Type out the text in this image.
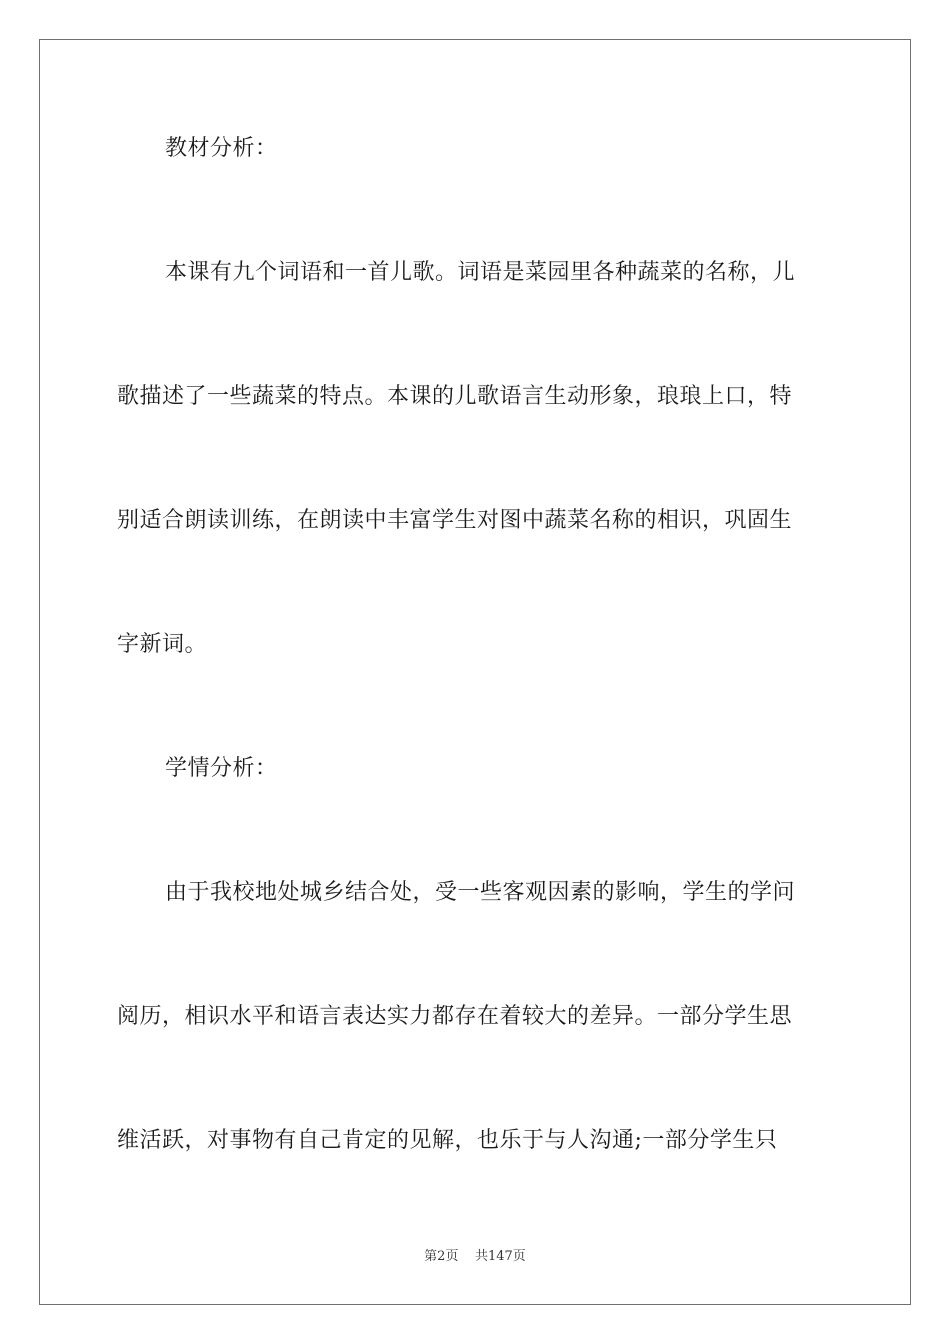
教材分析：
本课有九个词语和一首儿歌。词语是菜园里各种蔬菜的名称，儿
歌描述了一些蔬菜的特点。本课的儿歌语言生动形象，琅琅上口，特
别适合朗读训练，在朗读中丰富学生对图中蔬菜名称的相识，巩固生
字新词。
学情分析：
由于我校地处城乡结合处，受一些客观因素的影响，学生的学问
阅历，相识水平和语言表达实力都存在着较大的差异。一部分学生思
维活跃，对事物有自己肯定的见解，也乐于与人沟通;一部分学生只
第2页 共147页
